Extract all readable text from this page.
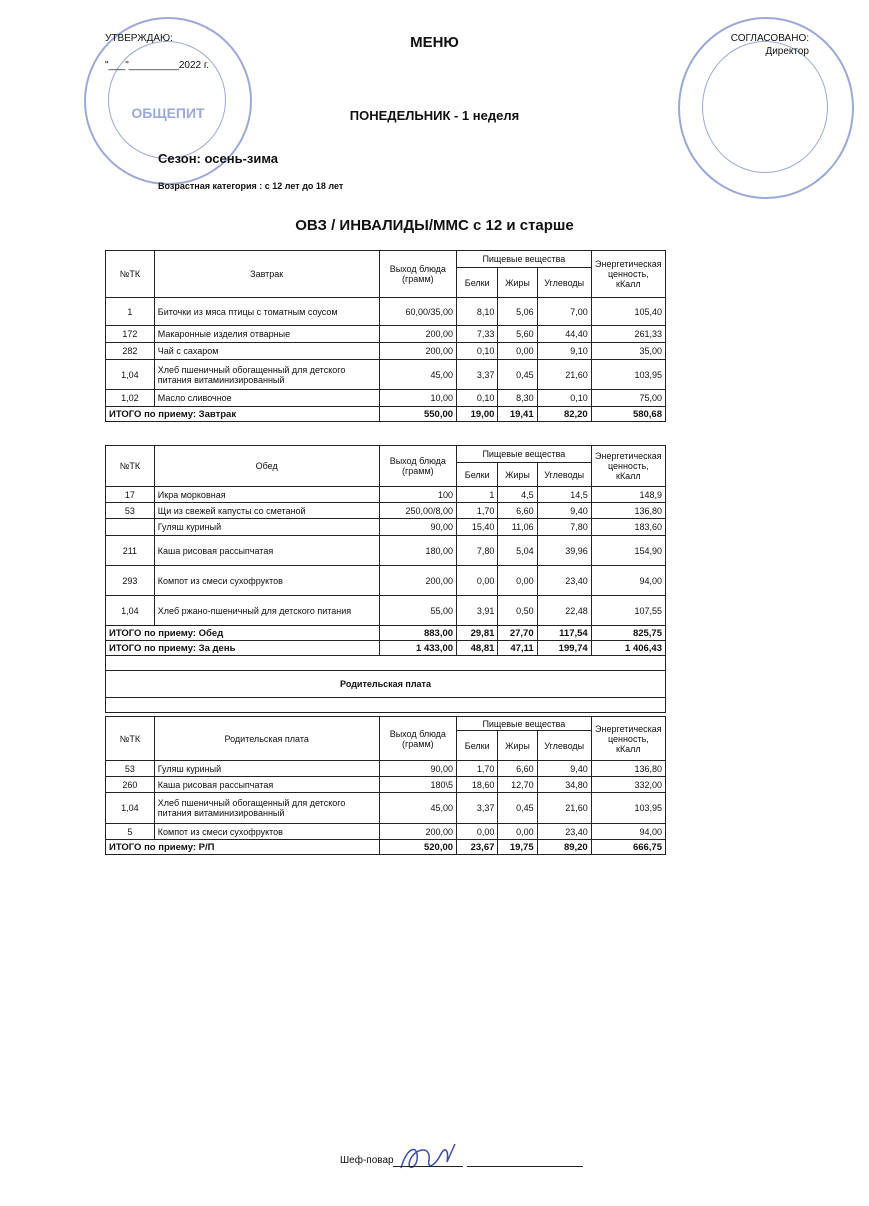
ОБЩЕПИТ
УТВЕРЖДАЮ:
"___"_________2022 г.
СОГЛАСОВАНО:
Директор
МЕНЮ
ПОНЕДЕЛЬНИК - 1 неделя
Сезон: осень-зима
Возрастная категория : с 12 лет до 18 лет
ОВЗ / ИНВАЛИДЫ/ММС с 12 и старше
№ТК	Завтрак	Выход блюда (грамм)	Пищевые вещества			Энергетическая ценность, кКалл
			Белки	Жиры	Углеводы	
1	Биточки из мяса птицы с томатным соусом	60,00/35,00	8,10	5,06	7,00	105,40
172	Макаронные изделия отварные	200,00	7,33	5,60	44,40	261,33
282	Чай с сахаром	200,00	0,10	0,00	9,10	35,00
1,04	Хлеб пшеничный обогащенный для детского питания витаминизированный	45,00	3,37	0,45	21,60	103,95
1,02	Масло сливочное	10,00	0,10	8,30	0,10	75,00
ИТОГО по приему: Завтрак		550,00	19,00	19,41	82,20	580,68
№ТК	Обед	Выход блюда (грамм)	Пищевые вещества			Энергетическая ценность, кКалл
			Белки	Жиры	Углеводы	
17	Икра морковная	100	1	4,5	14,5	148,9
53	Щи из свежей капусты со сметаной	250,00/8,00	1,70	6,60	9,40	136,80
	Гуляш куриный	90,00	15,40	11,06	7,80	183,60
211	Каша рисовая рассыпчатая	180,00	7,80	5,04	39,96	154,90
293	Компот из смеси сухофруктов	200,00	0,00	0,00	23,40	94,00
1,04	Хлеб ржано-пшеничный для детского питания	55,00	3,91	0,50	22,48	107,55
ИТОГО по приему: Обед		883,00	29,81	27,70	117,54	825,75
ИТОГО по приему: За день		1 433,00	48,81	47,11	199,74	1 406,43

Родительская плата						

№ТК	Родительская плата	Выход блюда (грамм)	Пищевые вещества			Энергетическая ценность, кКалл
			Белки	Жиры	Углеводы	
53	Гуляш куриный	90,00	1,70	6,60	9,40	136,80
260	Каша рисовая рассыпчатая	180\5	18,60	12,70	34,80	332,00
1,04	Хлеб пшеничный обогащенный для детского питания витаминизированный	45,00	3,37	0,45	21,60	103,95
5	Компот из смеси сухофруктов	200,00	0,00	0,00	23,40	94,00
ИТОГО по приему: Р/П		520,00	23,67	19,75	89,20	666,75
Шеф-повар
